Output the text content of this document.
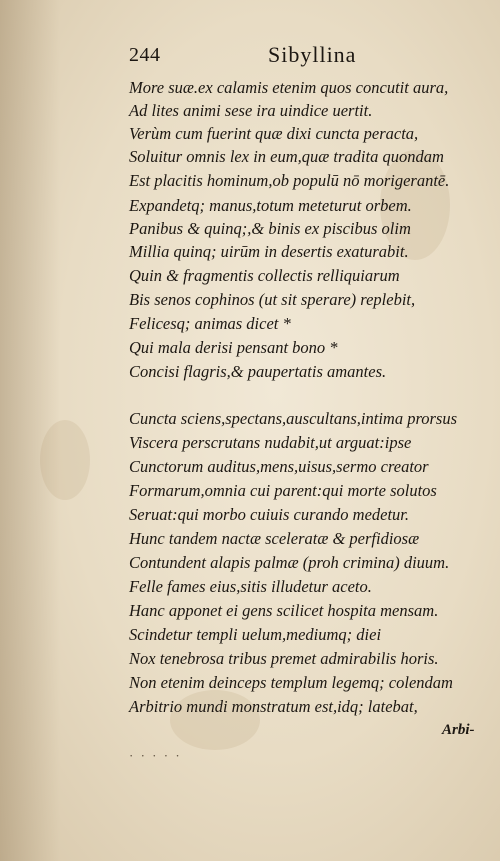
244	Sibyllina
More suæ.ex calamis etenim quos concutit aura,
Ad lites animi sese ira uindice uertit.
Verùm cum fuerint quæ dixi cuncta peracta,
Soluitur omnis lex in eum,quæ tradita quondam
Est placitis hominum,ob populū nō morigerantē.
Expandetq; manus,totum meteturut orbem.
Panibus & quinq;,& binis ex piscibus olim
Millia quinq; uirūm in desertis exaturabit.
Quin & fragmentis collectis relliquiarum
Bis senos cophinos (ut sit sperare) replebit,
Felicesq; animas dicet *
Qui mala derisi pensant bono *
Concisi flagris,& paupertatis amantes.
Cuncta sciens,spectans,auscultans,intima prorsus
Viscera perscrutans nudabit,ut arguat:ipse
Cunctorum auditus,mens,uisus,sermo creator
Formarum,omnia cui parent:qui morte solutos
Seruat:qui morbo cuiuis curando medetur.
Hunc tandem nactæ sceleratæ & perfidiosæ
Contundent alapis palmæ (proh crimina) diuum.
Felle fames eius,sitis illudetur aceto.
Hanc apponet ei gens scilicet hospita mensam.
Scindetur templi uelum,mediumq; diei
Nox tenebrosa tribus premet admirabilis horis.
Non etenim deinceps templum legemq; colendam
Arbitrio mundi monstratum est,idq; latebat,
Arbi-
· · · · ·
